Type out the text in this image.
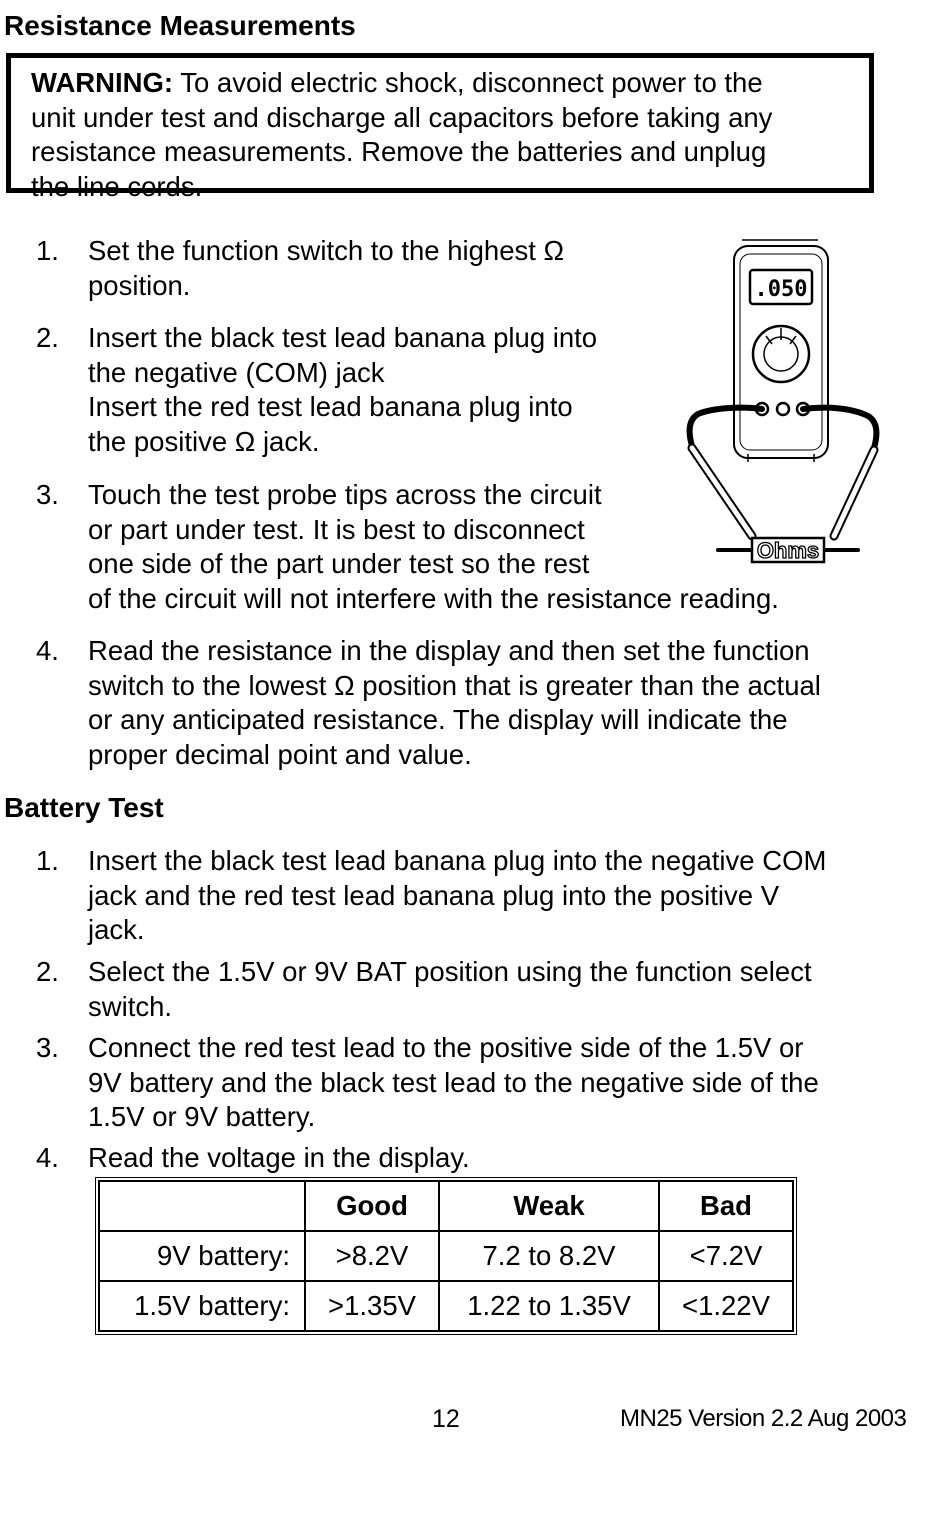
Resistance Measurements
WARNING: To avoid electric shock, disconnect power to the
unit under test and discharge all capacitors before taking any
resistance measurements. Remove the batteries and unplug
the line cords.
1. Set the function switch to the highest Ω
position.
2. Insert the black test lead banana plug into
the negative (COM) jack
Insert the red test lead banana plug into
the positive Ω jack.
3. Touch the test probe tips across the circuit
or part under test. It is best to disconnect
one side of the part under test so the rest
of the circuit will not interfere with the resistance reading.
4. Read the resistance in the display and then set the function
switch to the lowest Ω position that is greater than the actual
or any anticipated resistance. The display will indicate the
proper decimal point and value.
.050
Ohms
Battery Test
1. Insert the black test lead banana plug into the negative COM
jack and the red test lead banana plug into the positive V
jack.
2. Select the 1.5V or 9V BAT position using the function select
switch.
3. Connect the red test lead to the positive side of the 1.5V or
9V battery and the black test lead to the negative side of the
1.5V or 9V battery.
4. Read the voltage in the display.
	Good	Weak	Bad
9V battery:	>8.2V	7.2 to 8.2V	<7.2V
1.5V battery:	>1.35V	1.22 to 1.35V	<1.22V
12	MN25 Version 2.2 Aug 2003
